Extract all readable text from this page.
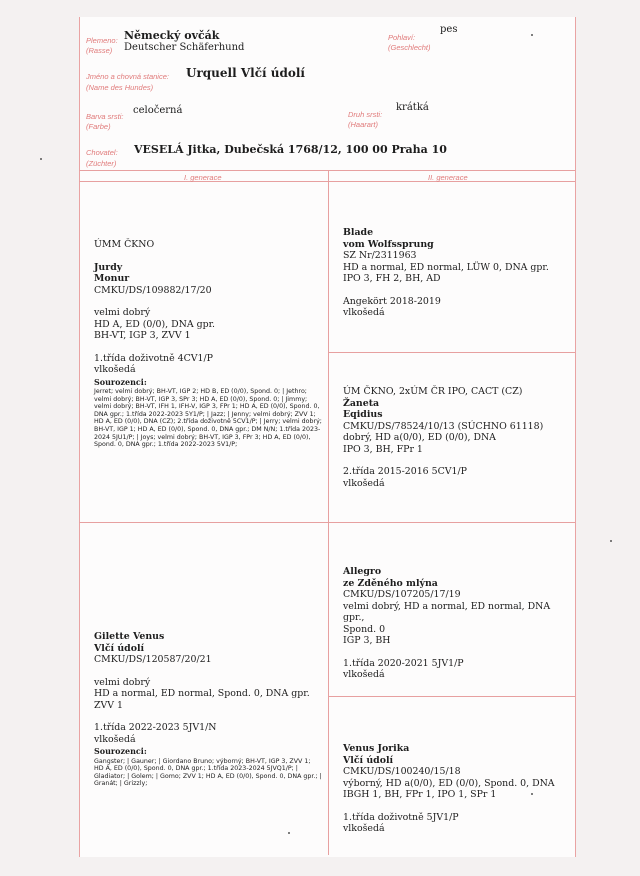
Plemeno:
(Rasse)
Německý ovčák
Deutscher Schäferhund
Pohlaví:
(Geschlecht)
pes
Jméno a chovná stanice:
(Name des Hundes)
Urquell Vlčí údolí
Barva srsti:
(Farbe)
celočerná	Druh srsti:
(Haarart)
krátká
Chovatel:
(Züchter)
VESELÁ Jitka, Dubečská 1768/12, 100 00 Praha 10
I. generace	II. generace
ÚMM ČKNO
Jurdy
Monur
CMKU/DS/109882/17/20
velmi dobrý
HD A, ED (0/0), DNA gpr.
BH-VT, IGP 3, ZVV 1
1.třída doživotně 4CV1/P
vlkošedá
Sourozenci:
Jerret; velmi dobrý; BH-VT, IGP 2; HD B, ED (0/0), Spond. 0; | Jethro; velmi dobrý; BH-VT, IGP 3, SPr 3; HD A, ED (0/0), Spond. 0; | Jimmy; velmi dobrý; BH-VT, IFH 1, IFH-V, IGP 3, FPr 1; HD A, ED (0/0), Spond. 0, DNA gpr.; 1.třída 2022-2023 5Y1/P; | Jazz; | Jenny; velmi dobrý; ZVV 1; HD A, ED (0/0), DNA (CZ); 2.třída doživotně 5CV1/P; | Jerry; velmi dobrý; BH-VT, IGP 1; HD A, ED (0/0), Spond. 0, DNA gpr.; DM N/N; 1.třída 2023-2024 5JU1/P; | Joys; velmi dobrý; BH-VT, IGP 3, FPr 3; HD A, ED (0/0), Spond. 0, DNA gpr.; 1.třída 2022-2023 5V1/P;
Blade
vom Wolfssprung
SZ Nr/2311963
HD a normal, ED normal, LÜW 0, DNA gpr.
IPO 3, FH 2, BH, AD
Angekört 2018-2019
vlkošedá
ÚM ČKNO, 2xÚM ČR IPO, CACT (CZ)
Žaneta
Eqidius
CMKU/DS/78524/10/13 (SÚCHNO 61118)
dobrý, HD a(0/0), ED (0/0), DNA
IPO 3, BH, FPr 1
2.třída 2015-2016 5CV1/P
vlkošedá
Gilette Venus
Vlčí údolí
CMKU/DS/120587/20/21
velmi dobrý
HD a normal, ED normal, Spond. 0, DNA gpr.
ZVV 1
1.třída 2022-2023 5JV1/N
vlkošedá
Sourozenci:
Gangster; | Gauner; | Giordano Bruno; výborný; BH-VT, IGP 3, ZVV 1; HD A, ED (0/0), Spond. 0, DNA gpr.; 1.třída 2023-2024 5JVQ1/P; | Gladiator; | Golem; | Gomo; ZVV 1; HD A, ED (0/0), Spond. 0, DNA gpr.; | Granát; | Grizzly;
Allegro
ze Zděného mlýna
CMKU/DS/107205/17/19
velmi dobrý, HD a normal, ED normal, DNA gpr.,
Spond. 0
IGP 3, BH
1.třída 2020-2021 5JV1/P
vlkošedá
Venus Jorika
Vlčí údolí
CMKU/DS/100240/15/18
výborný, HD a(0/0), ED (0/0), Spond. 0, DNA
IBGH 1, BH, FPr 1, IPO 1, SPr 1
1.třída doživotně 5JV1/P
vlkošedá
